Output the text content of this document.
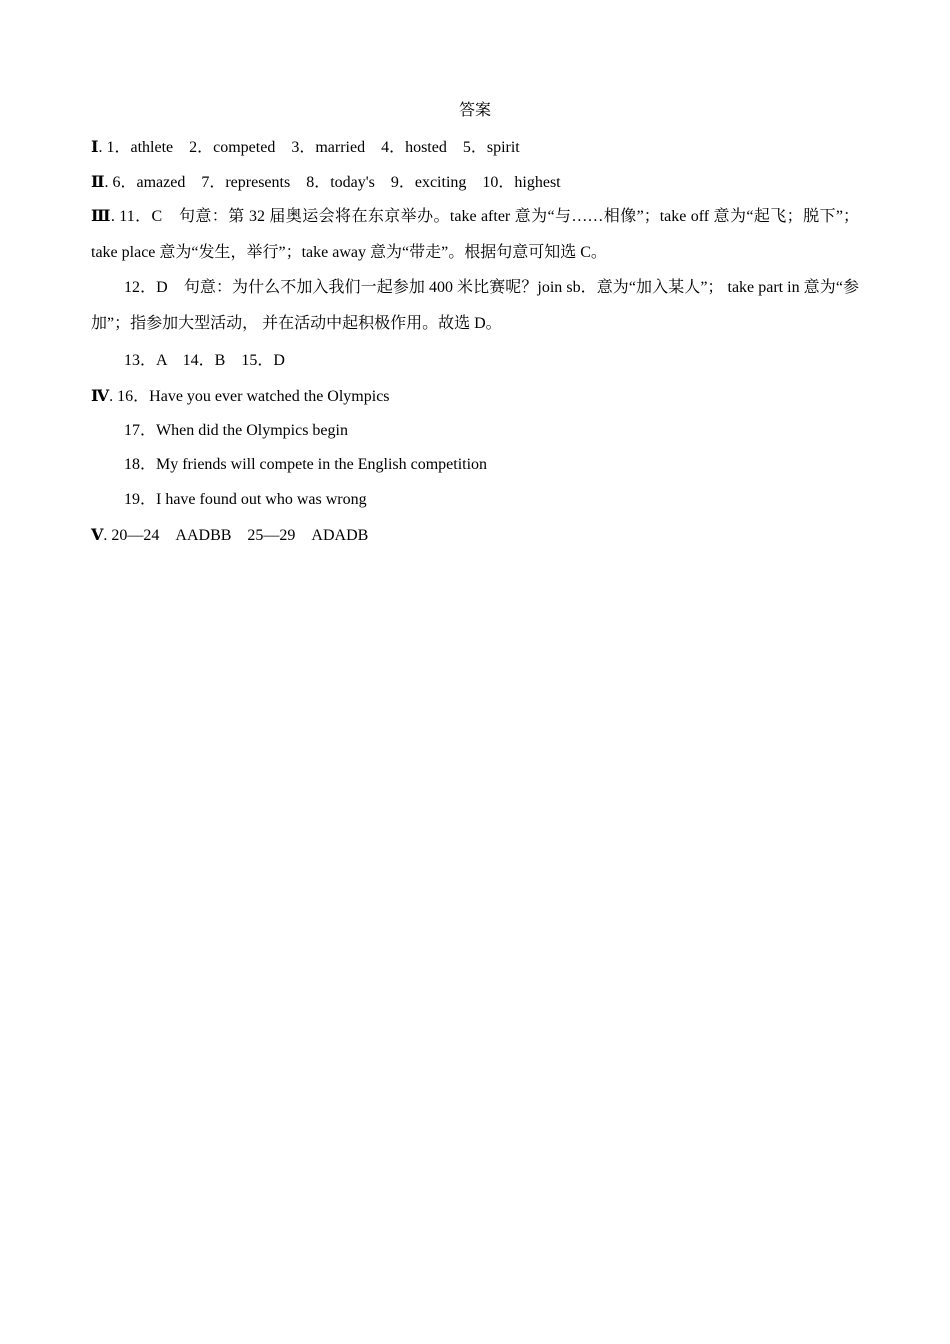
答案
Ⅰ. 1．athlete　2．competed　3．married　4．hosted　5．spirit
Ⅱ. 6．amazed　7．represents　8．today's　9．exciting　10．highest
Ⅲ. 11．C　句意：第 32 届奥运会将在东京举办。take after 意为“与……相像”；take off 意为“起飞；脱下”；take place 意为“发生，举行”；take away 意为“带走”。根据句意可知选 C。
12．D　句意：为什么不加入我们一起参加 400 米比赛呢？join sb．意为“加入某人”； take part in 意为“参加”；指参加大型活动， 并在活动中起积极作用。故选 D。
13．A　14．B　15．D
Ⅳ. 16．Have you ever watched the Olympics
17．When did the Olympics begin
18．My friends will compete in the English competition
19．I have found out who was wrong
Ⅴ. 20—24　AADBB　25—29　ADADB
